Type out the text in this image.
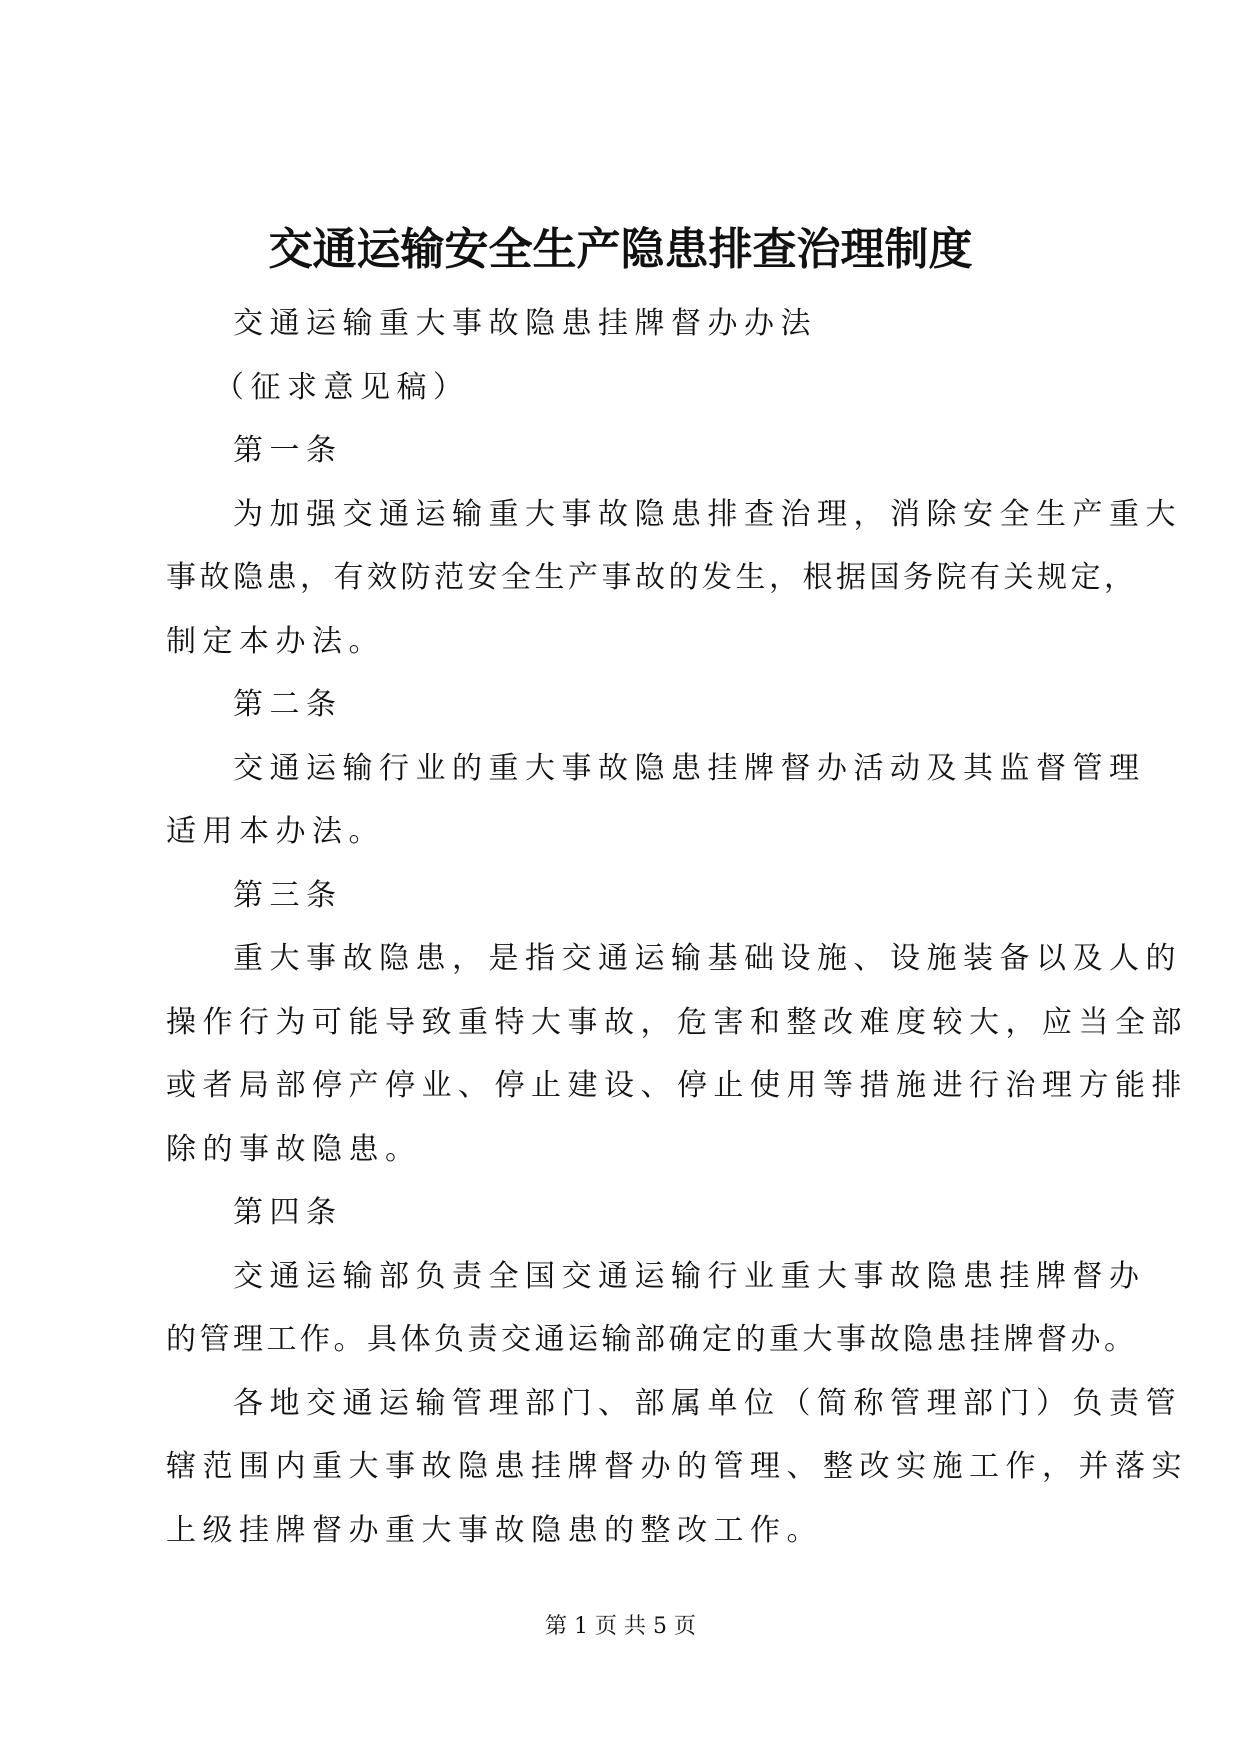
交通运输安全生产隐患排查治理制度
交通运输重大事故隐患挂牌督办办法
（征求意见稿）
第一条
为加强交通运输重大事故隐患排查治理，消除安全生产重大
事故隐患，有效防范安全生产事故的发生，根据国务院有关规定，
制定本办法。
第二条
交通运输行业的重大事故隐患挂牌督办活动及其监督管理
适用本办法。
第三条
重大事故隐患，是指交通运输基础设施、设施装备以及人的
操作行为可能导致重特大事故，危害和整改难度较大，应当全部
或者局部停产停业、停止建设、停止使用等措施进行治理方能排
除的事故隐患。
第四条
交通运输部负责全国交通运输行业重大事故隐患挂牌督办
的管理工作。具体负责交通运输部确定的重大事故隐患挂牌督办。
各地交通运输管理部门、部属单位（简称管理部门）负责管
辖范围内重大事故隐患挂牌督办的管理、整改实施工作，并落实
上级挂牌督办重大事故隐患的整改工作。
第 1 页 共 5 页
